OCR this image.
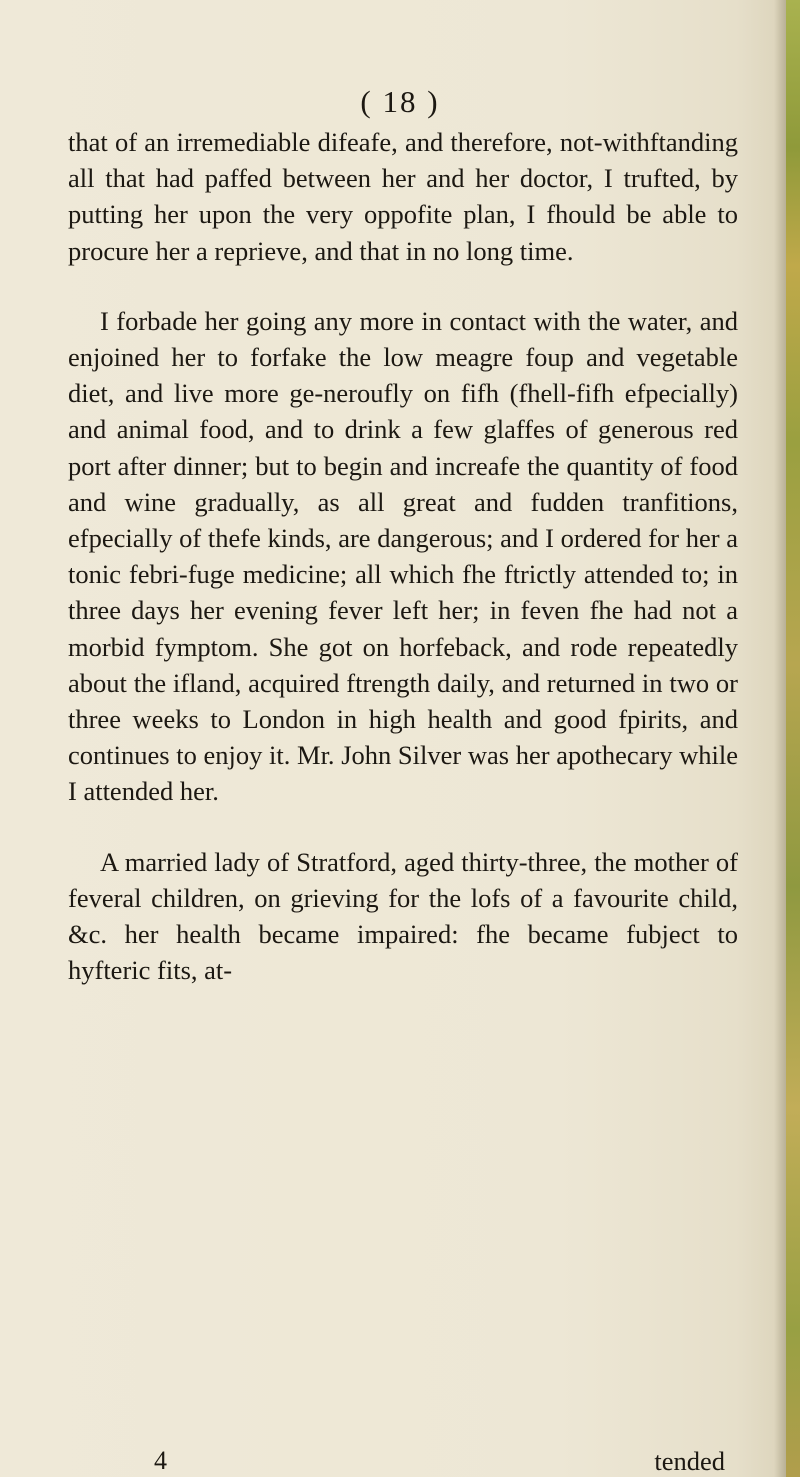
( 18 )

that of an irremediable difeafe, and therefore, not-withftanding all that had paffed between her and her doctor, I trufted, by putting her upon the very oppofite plan, I fhould be able to procure her a reprieve, and that in no long time.

I forbade her going any more in contact with the water, and enjoined her to forfake the low meagre foup and vegetable diet, and live more ge-neroufly on fifh (fhell-fifh efpecially) and animal food, and to drink a few glaffes of generous red port after dinner; but to begin and increafe the quantity of food and wine gradually, as all great and fudden tranfitions, efpecially of thefe kinds, are dangerous; and I ordered for her a tonic febri-fuge medicine; all which fhe ftrictly attended to; in three days her evening fever left her; in feven fhe had not a morbid fymptom. She got on horfeback, and rode repeatedly about the ifland, acquired ftrength daily, and returned in two or three weeks to London in high health and good fpirits, and continues to enjoy it. Mr. John Silver was her apothecary while I attended her.

A married lady of Stratford, aged thirty-three, the mother of feveral children, on grieving for the lofs of a favourite child, &c. her health became impaired: fhe became fubject to hyfteric fits, at-

4	tended
